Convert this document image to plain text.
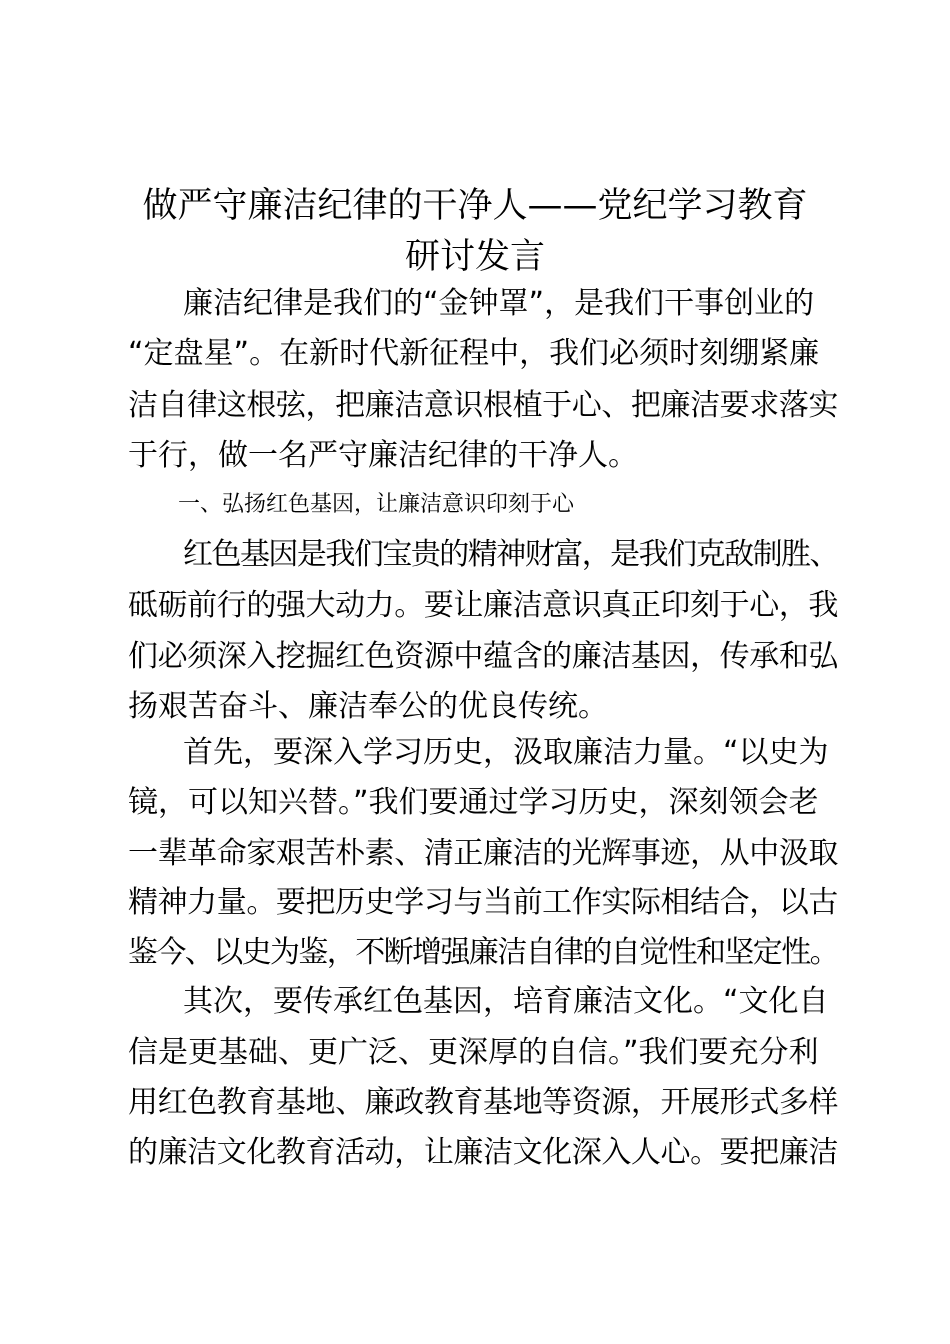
做严守廉洁纪律的干净人——党纪学习教育
研讨发言
廉洁纪律是我们的“金钟罩”，是我们干事创业的
“定盘星”。在新时代新征程中，我们必须时刻绷紧廉
洁自律这根弦，把廉洁意识根植于心、把廉洁要求落实
于行，做一名严守廉洁纪律的干净人。
一、弘扬红色基因，让廉洁意识印刻于心
红色基因是我们宝贵的精神财富，是我们克敌制胜、
砥砺前行的强大动力。要让廉洁意识真正印刻于心，我
们必须深入挖掘红色资源中蕴含的廉洁基因，传承和弘
扬艰苦奋斗、廉洁奉公的优良传统。
首先，要深入学习历史，汲取廉洁力量。“以史为
镜，可以知兴替。”我们要通过学习历史，深刻领会老
一辈革命家艰苦朴素、清正廉洁的光辉事迹，从中汲取
精神力量。要把历史学习与当前工作实际相结合，以古
鉴今、以史为鉴，不断增强廉洁自律的自觉性和坚定性。
其次，要传承红色基因，培育廉洁文化。“文化自
信是更基础、更广泛、更深厚的自信。”我们要充分利
用红色教育基地、廉政教育基地等资源，开展形式多样
的廉洁文化教育活动，让廉洁文化深入人心。要把廉洁
